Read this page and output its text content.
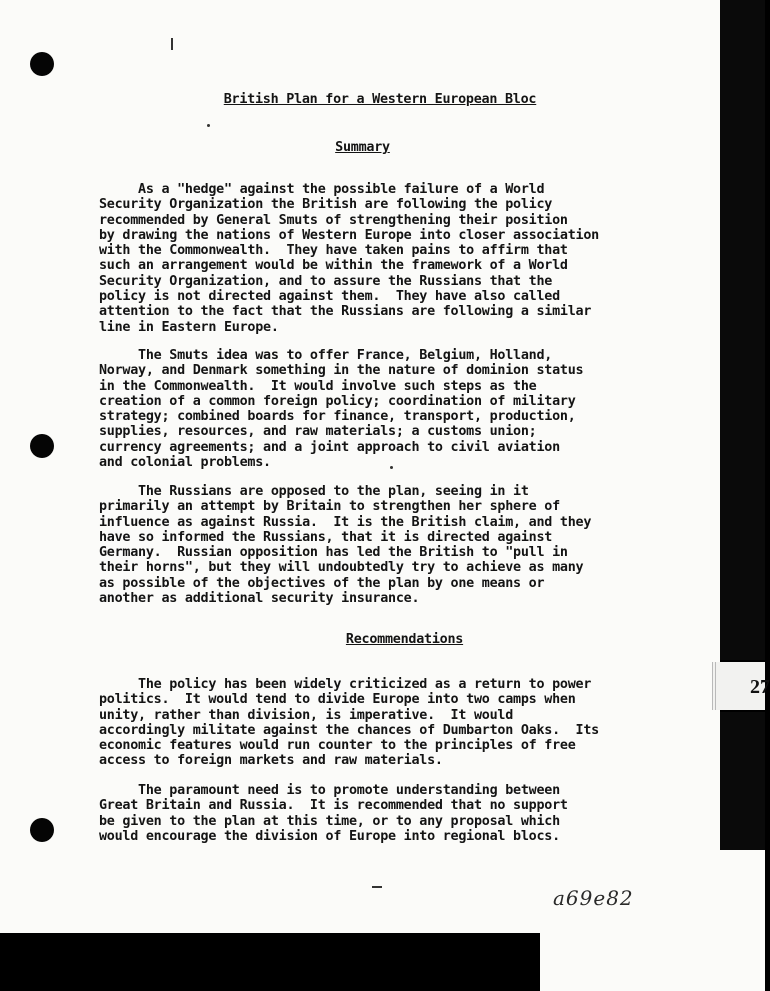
27
British Plan for a Western European Bloc
Summary
As a "hedge" against the possible failure of a World
Security Organization the British are following the policy
recommended by General Smuts of strengthening their position
by drawing the nations of Western Europe into closer association
with the Commonwealth.  They have taken pains to affirm that
such an arrangement would be within the framework of a World
Security Organization, and to assure the Russians that the
policy is not directed against them.  They have also called
attention to the fact that the Russians are following a similar
line in Eastern Europe.
The Smuts idea was to offer France, Belgium, Holland,
Norway, and Denmark something in the nature of dominion status
in the Commonwealth.  It would involve such steps as the
creation of a common foreign policy; coordination of military
strategy; combined boards for finance, transport, production,
supplies, resources, and raw materials; a customs union;
currency agreements; and a joint approach to civil aviation
and colonial problems.
The Russians are opposed to the plan, seeing in it
primarily an attempt by Britain to strengthen her sphere of
influence as against Russia.  It is the British claim, and they
have so informed the Russians, that it is directed against
Germany.  Russian opposition has led the British to "pull in
their horns", but they will undoubtedly try to achieve as many
as possible of the objectives of the plan by one means or
another as additional security insurance.
Recommendations
The policy has been widely criticized as a return to power
politics.  It would tend to divide Europe into two camps when
unity, rather than division, is imperative.  It would
accordingly militate against the chances of Dumbarton Oaks.  Its
economic features would run counter to the principles of free
access to foreign markets and raw materials.
The paramount need is to promote understanding between
Great Britain and Russia.  It is recommended that no support
be given to the plan at this time, or to any proposal which
would encourage the division of Europe into regional blocs.
a69e82
